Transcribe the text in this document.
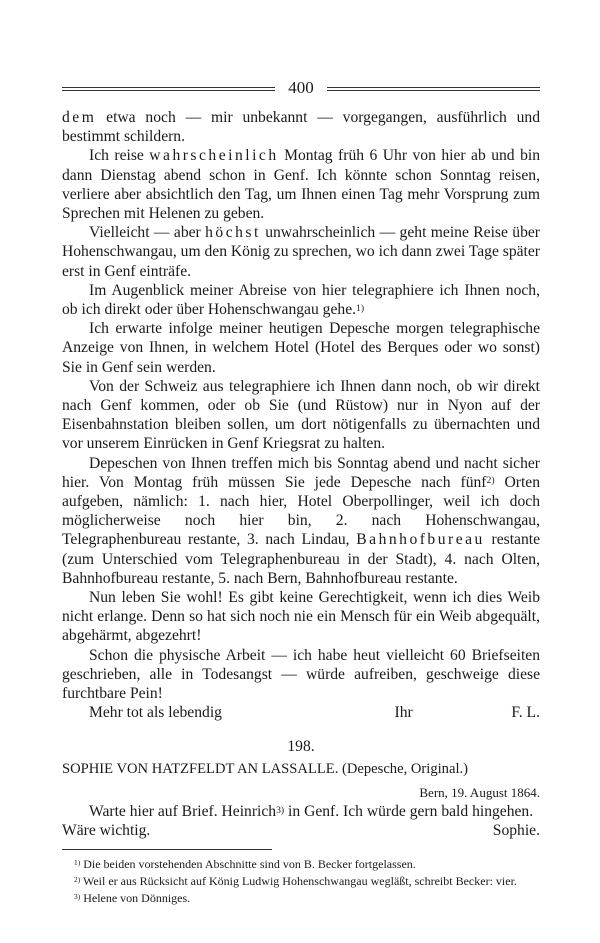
400

dem etwa noch — mir unbekannt — vorgegangen, ausführlich und bestimmt schildern.

Ich reise wahrscheinlich Montag früh 6 Uhr von hier ab und bin dann Dienstag abend schon in Genf. Ich könnte schon Sonntag reisen, verliere aber absichtlich den Tag, um Ihnen einen Tag mehr Vorsprung zum Sprechen mit Helenen zu geben.

Vielleicht — aber höchst unwahrscheinlich — geht meine Reise über Hohenschwangau, um den König zu sprechen, wo ich dann zwei Tage später erst in Genf einträfe.

Im Augenblick meiner Abreise von hier telegraphiere ich Ihnen noch, ob ich direkt oder über Hohenschwangau gehe.$^{1)}$

Ich erwarte infolge meiner heutigen Depesche morgen telegraphische Anzeige von Ihnen, in welchem Hotel (Hotel des Berques oder wo sonst) Sie in Genf sein werden.

Von der Schweiz aus telegraphiere ich Ihnen dann noch, ob wir direkt nach Genf kommen, oder ob Sie (und Rüstow) nur in Nyon auf der Eisenbahnstation bleiben sollen, um dort nötigenfalls zu übernachten und vor unserem Einrücken in Genf Kriegsrat zu halten.

Depeschen von Ihnen treffen mich bis Sonntag abend und nacht sicher hier. Von Montag früh müssen Sie jede Depesche nach fünf$^{2)}$ Orten aufgeben, nämlich: 1. nach hier, Hotel Oberpollinger, weil ich doch möglicherweise noch hier bin, 2. nach Hohenschwangau, Telegraphenbureau restante, 3. nach Lindau, Bahnhofbureau restante (zum Unterschied vom Telegraphenbureau in der Stadt), 4. nach Olten, Bahnhofbureau restante, 5. nach Bern, Bahnhofbureau restante.

Nun leben Sie wohl! Es gibt keine Gerechtigkeit, wenn ich dies Weib nicht erlange. Denn so hat sich noch nie ein Mensch für ein Weib abgequält, abgehärmt, abgezehrt!

Schon die physische Arbeit — ich habe heut vielleicht 60 Briefseiten geschrieben, alle in Todesangst — würde aufreiben, geschweige diese furchtbare Pein!

Mehr tot als lebendig	Ihr	F. L.

198.

SOPHIE VON HATZFELDT AN LASSALLE. (Depesche, Original.)

Bern, 19. August 1864.

Warte hier auf Brief. Heinrich$^{3)}$ in Genf. Ich würde gern bald hingehen.

Wäre wichtig.	Sophie.

$^{1)}$ Die beiden vorstehenden Abschnitte sind von B. Becker fortgelassen.

$^{2)}$ Weil er aus Rücksicht auf König Ludwig Hohenschwangau wegläßt, schreibt Becker: vier.

$^{3)}$ Helene von Dönniges.
